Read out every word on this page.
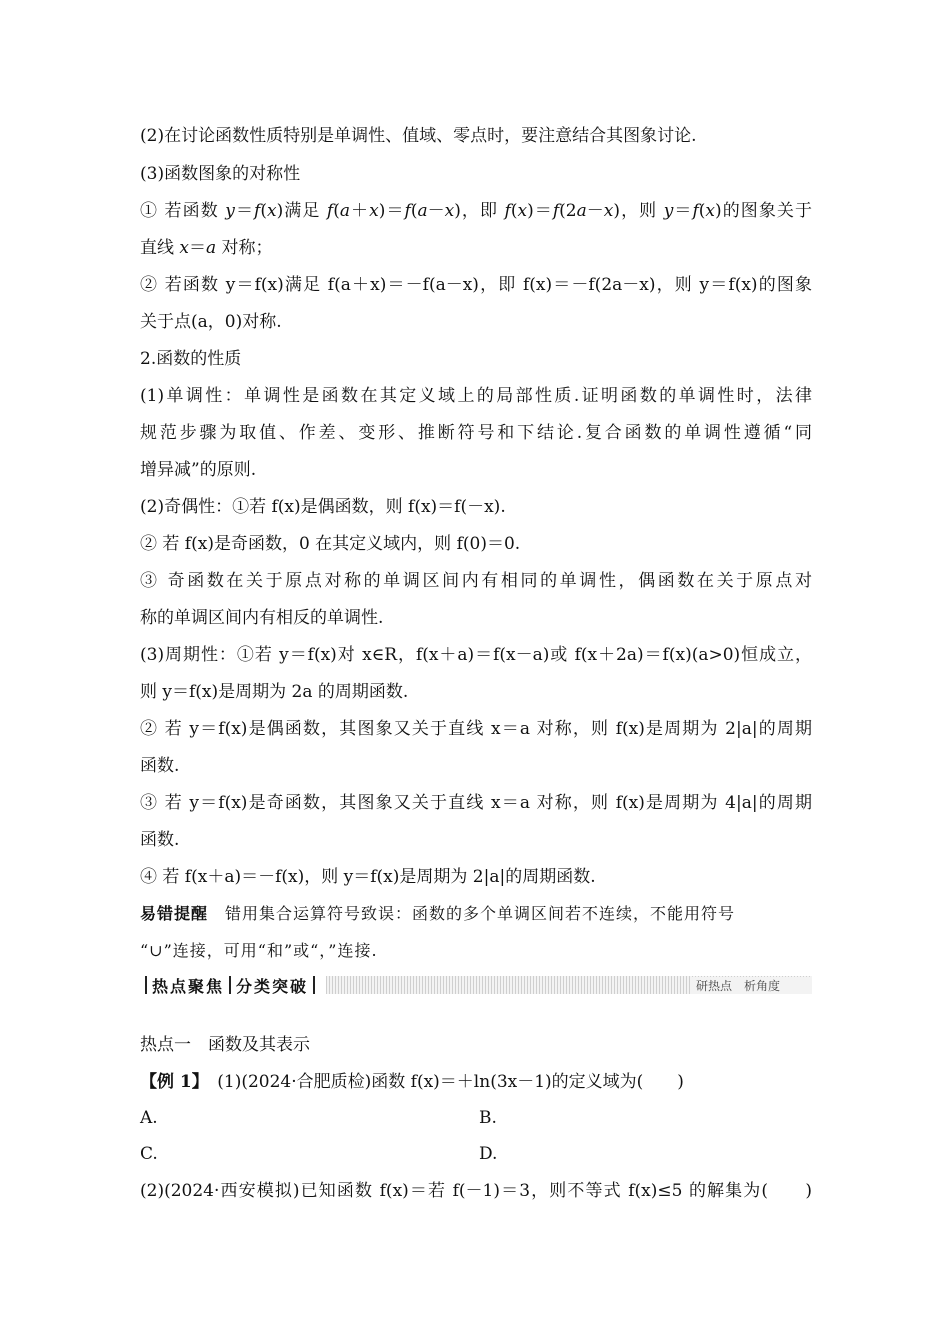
(2)在讨论函数性质特别是单调性、值域、零点时，要注意结合其图象讨论.
(3)函数图象的对称性
① 若函数 y＝f(x)满足 f(a＋x)＝f(a－x)，即 f(x)＝f(2a－x)，则 y＝f(x)的图象关于
直线 x＝a 对称；
② 若函数 y＝f(x)满足 f(a＋x)＝－f(a－x)，即 f(x)＝－f(2a－x)，则 y＝f(x)的图象
关于点(a，0)对称.
2.函数的性质
(1)单调性：单调性是函数在其定义域上的局部性质.证明函数的单调性时，法律
规范步骤为取值、作差、变形、推断符号和下结论.复合函数的单调性遵循“同
增异减”的原则.
(2)奇偶性：①若 f(x)是偶函数，则 f(x)＝f(－x).
② 若 f(x)是奇函数，0 在其定义域内，则 f(0)＝0.
③ 奇函数在关于原点对称的单调区间内有相同的单调性，偶函数在关于原点对
称的单调区间内有相反的单调性.
(3)周期性：①若 y＝f(x)对 x∈R，f(x＋a)＝f(x－a)或 f(x＋2a)＝f(x)(a>0)恒成立，
则 y＝f(x)是周期为 2a 的周期函数.
② 若 y＝f(x)是偶函数，其图象又关于直线 x＝a 对称，则 f(x)是周期为 2|a|的周期
函数.
③ 若 y＝f(x)是奇函数，其图象又关于直线 x＝a 对称，则 f(x)是周期为 4|a|的周期
函数.
④ 若 f(x＋a)＝－f(x)，则 y＝f(x)是周期为 2|a|的周期函数.
易错提醒　错用集合运算符号致误：函数的多个单调区间若不连续，不能用符号
“∪”连接，可用“和”或“，”连接.
热点聚焦 分类突破	研热点　析角度
热点一　函数及其表示
【例 1】　(1)(2024·合肥质检)函数 f(x)＝＋ln(3x－1)的定义域为(　　)
A.	B.
C.	D.
(2)(2024·西安模拟)已知函数 f(x)＝若 f(－1)＝3，则不等式 f(x)≤5 的解集为(　　)
